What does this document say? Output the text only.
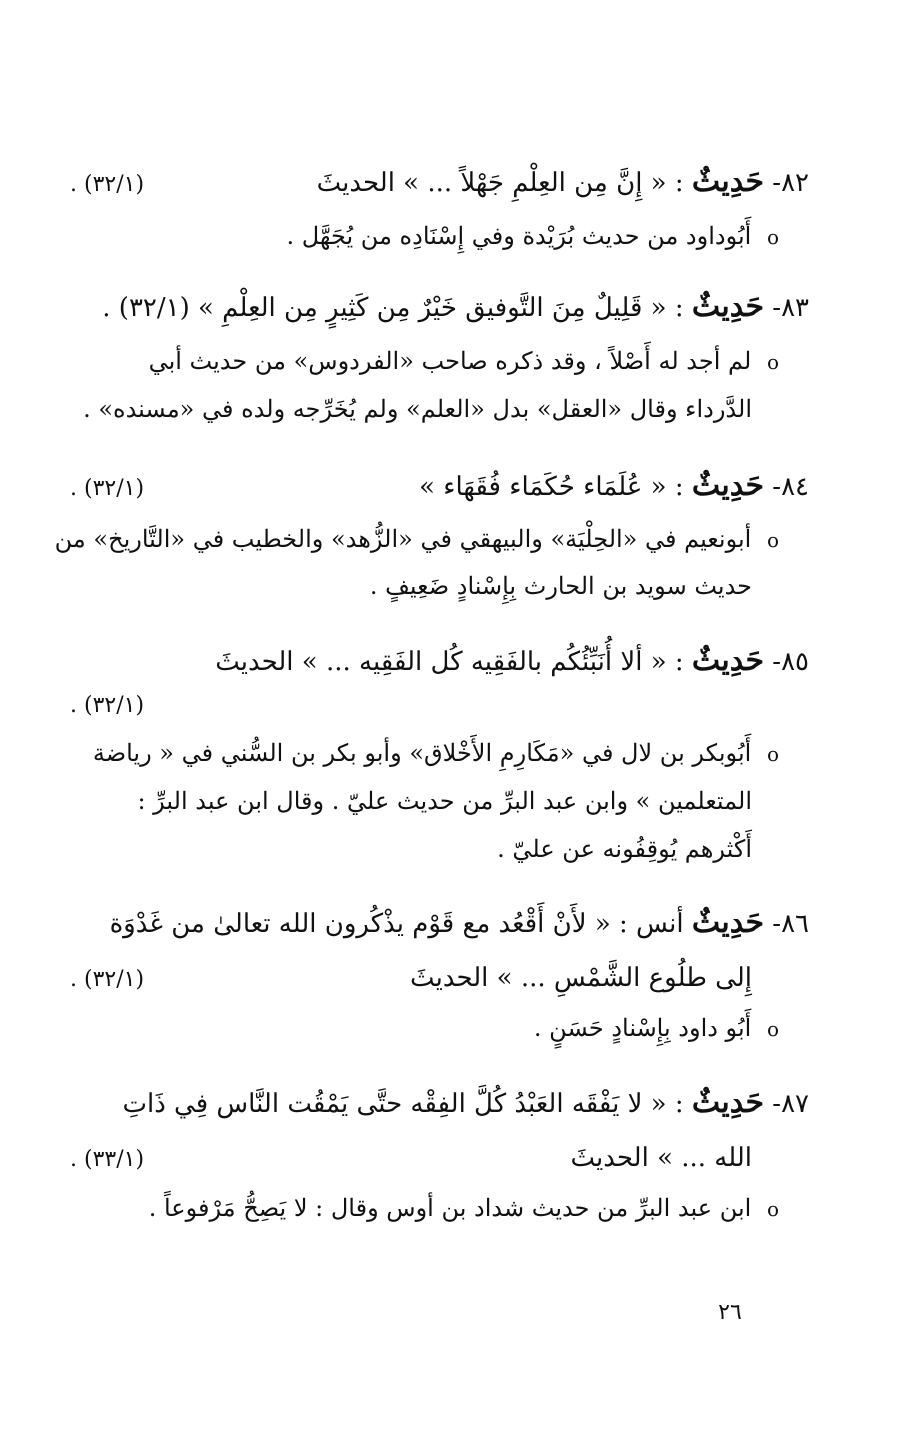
٨٢- حَدِيثٌ : « إِنَّ مِن العِلْمِ جَهْلاً ... » الحديثَ
(٣٢/١) .
o أَبُوداود من حديث بُرَيْدة وفي إِسْنَادِه من يُجَهَّل .
٨٣- حَدِيثٌ : « قَلِيلٌ مِنَ التَّوفيق خَيْرٌ مِن كَثِيرٍ مِن العِلْمِ » (٣٢/١) .
o لم أجد له أَصْلاً ، وقد ذكره صاحب «الفردوس» من حديث أبي
الدَّرداء وقال «العقل» بدل «العلم» ولم يُخَرِّجه ولده في «مسنده» .
٨٤- حَدِيثٌ : « عُلَمَاء حُكَمَاء فُقَهَاء »
(٣٢/١) .
o أبونعيم في «الحِلْيَة» والبيهقي في «الزُّهد» والخطيب في «التَّاريخ» من
حديث سويد بن الحارث بِإِسْنادٍ ضَعِيفٍ .
٨٥- حَدِيثٌ : « ألا أُنَبِّئُكُم بالفَقِيه كُل الفَقِيه ... » الحديثَ
(٣٢/١) .
o أَبُوبكر بن لال في «مَكَارِمِ الأَخْلاق» وأبو بكر بن السُّني في « رياضة
المتعلمين » وابن عبد البرِّ من حديث عليّ . وقال ابن عبد البرِّ :
أَكْثرهم يُوقِفُونه عن عليّ .
٨٦- حَدِيثٌ أنس : « لأَنْ أَقْعُد مع قَوْم يذْكُرون الله تعالىٰ من غَدْوَة
إِلى طلُوع الشَّمْسِ ... » الحديثَ
(٣٢/١) .
o أَبُو داود بِإِسْنادٍ حَسَنٍ .
٨٧- حَدِيثٌ : « لا يَفْقَه العَبْدُ كُلَّ الفِقْه حتَّى يَمْقُت النَّاس فِي ذَاتِ
الله ... » الحديثَ
(٣٣/١) .
o ابن عبد البرِّ من حديث شداد بن أوس وقال : لا يَصِحُّ مَرْفوعاً .
٢٦
